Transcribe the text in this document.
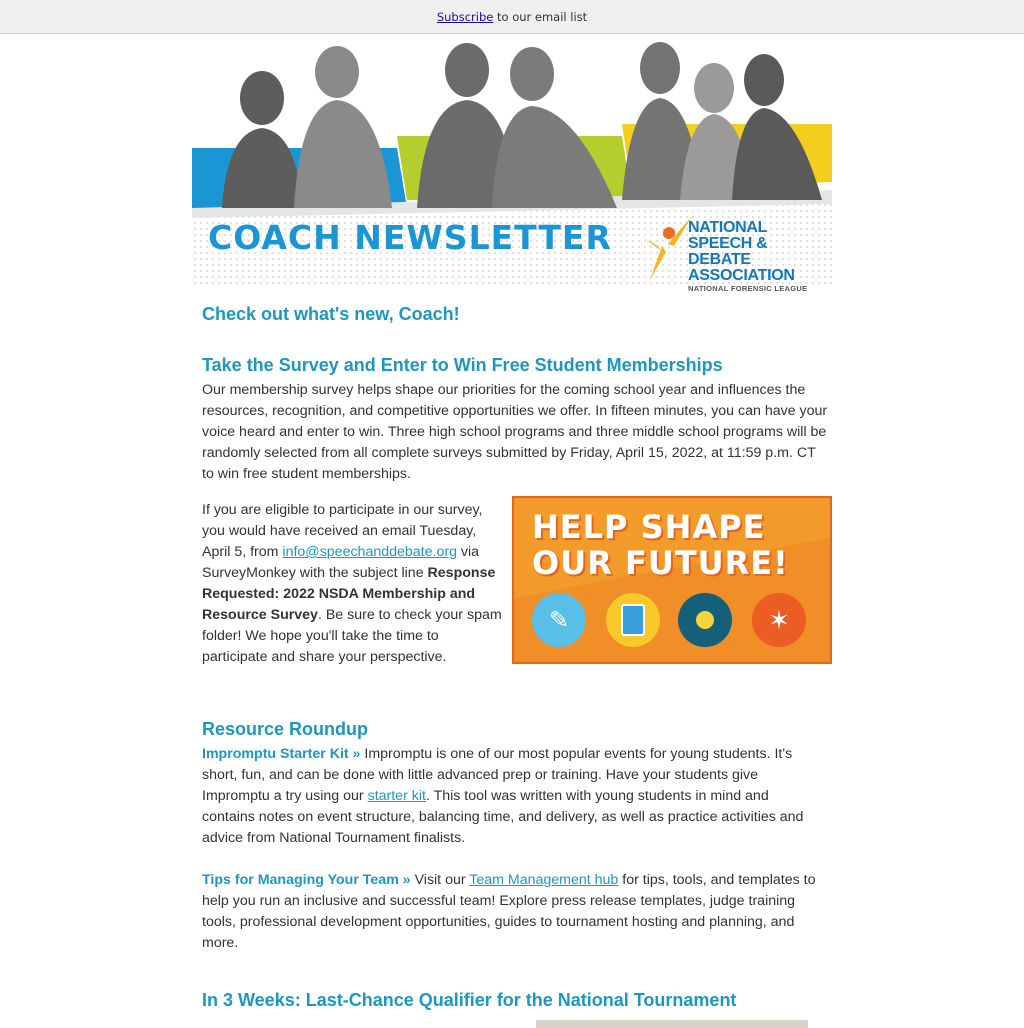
Subscribe to our email list
COACH NEWSLETTER	NATIONAL
SPEECH & DEBATE
ASSOCIATION
NATIONAL FORENSIC LEAGUE
Check out what's new, Coach!
Take the Survey and Enter to Win Free Student Memberships

Our membership survey helps shape our priorities for the coming school year and influences the resources, recognition, and competitive opportunities we offer. In fifteen minutes, you can have your voice heard and enter to win. Three high school programs and three middle school programs will be randomly selected from all complete surveys submitted by Friday, April 15, 2022, at 11:59 p.m. CT to win free student memberships.

If you are eligible to participate in our survey, you would have received an email Tuesday, April 5, from info@speechanddebate.org via SurveyMonkey with the subject line Response Requested: 2022 NSDA Membership and Resource Survey. Be sure to check your spam folder! We hope you'll take the time to participate and share your perspective.

HELP SHAPE
OUR FUTURE!
✎	✶
Resource Roundup

Impromptu Starter Kit » Impromptu is one of our most popular events for young students. It's short, fun, and can be done with little advanced prep or training. Have your students give Impromptu a try using our starter kit. This tool was written with young students in mind and contains notes on event structure, balancing time, and delivery, as well as practice activities and advice from National Tournament finalists.

Tips for Managing Your Team » Visit our Team Management hub for tips, tools, and templates to help you run an inclusive and successful team! Explore press release templates, judge training tools, professional development opportunities, guides to tournament hosting and planning, and more.

In 3 Weeks: Last-Chance Qualifier for the National Tournament
